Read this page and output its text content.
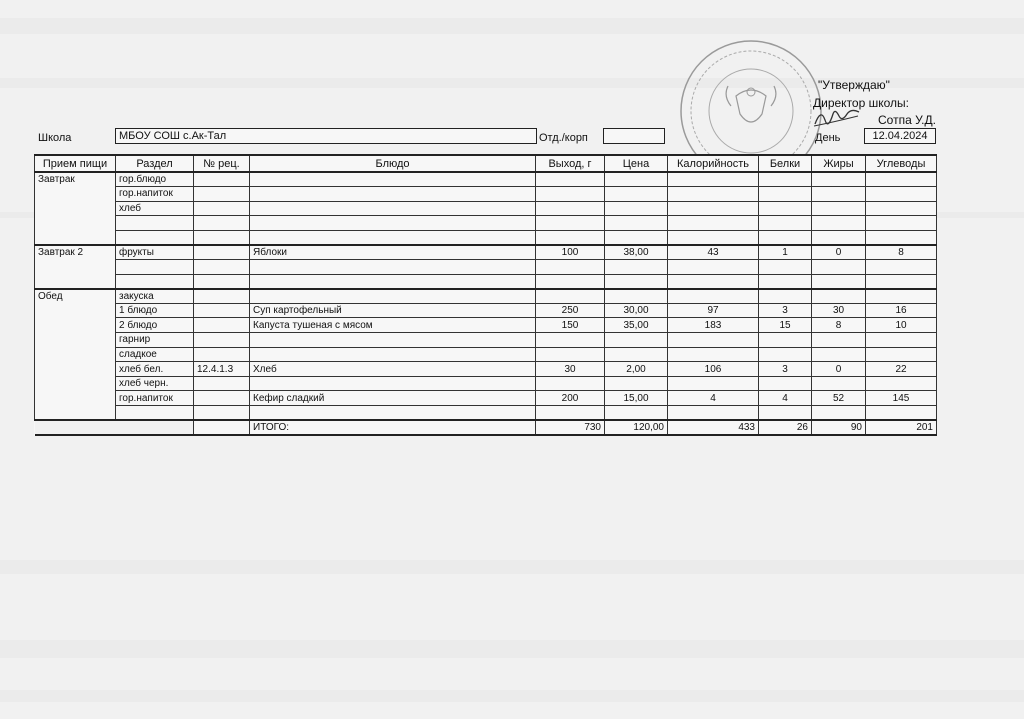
"Утверждаю"
Директор школы:
Сотпа У.Д.
Школа	МБОУ СОШ с.Ак-Тал	Отд./корп	День	12.04.2024
Прием пищи	Раздел	№ рец.	Блюдо	Выход, г	Цена	Калорийность	Белки	Жиры	Углеводы
Завтрак	гор.блюдо								
	гор.напиток								
	хлеб								

Завтрак 2	фрукты		Яблоки	100	38,00	43	1	0	8

Обед	закуска								
	1 блюдо		Суп картофельный	250	30,00	97	3	30	16
	2 блюдо		Капуста тушеная с мясом	150	35,00	183	15	8	10
	гарнир								
	сладкое								
	хлеб бел.	12.4.1.3	Хлеб	30	2,00	106	3	0	22
	хлеб черн.								
	гор.напиток		Кефир сладкий	200	15,00	4	4	52	145

			ИТОГО:	730	120,00	433	26	90	201
